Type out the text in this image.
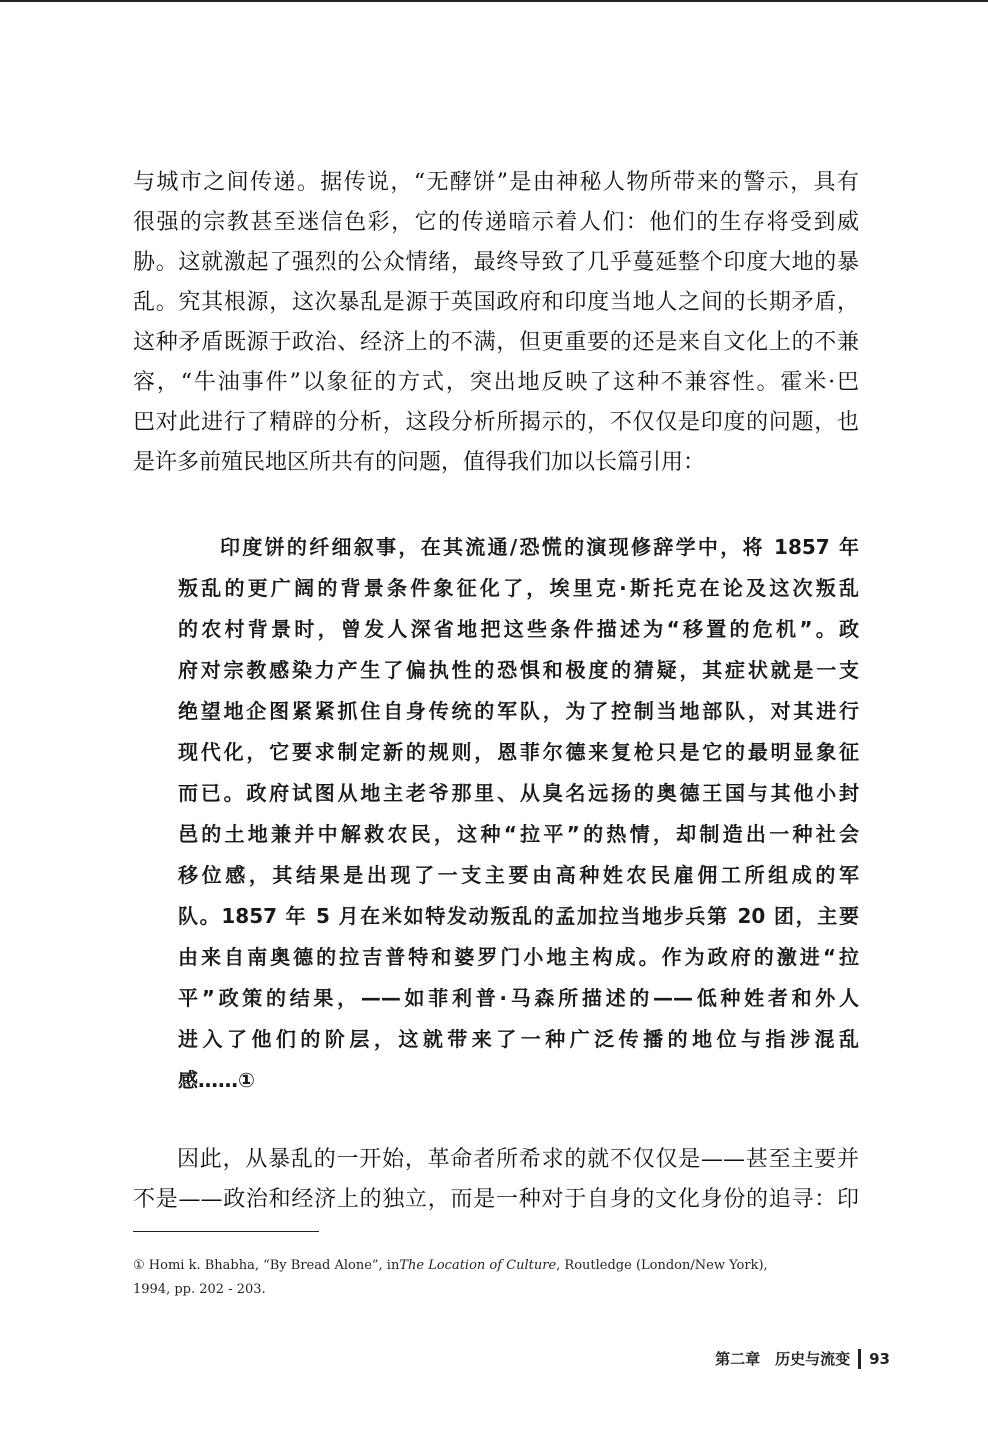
与城市之间传递。据传说，“无酵饼”是由神秘人物所带来的警示，具有
很强的宗教甚至迷信色彩，它的传递暗示着人们：他们的生存将受到威
胁。这就激起了强烈的公众情绪，最终导致了几乎蔓延整个印度大地的暴
乱。究其根源，这次暴乱是源于英国政府和印度当地人之间的长期矛盾，
这种矛盾既源于政治、经济上的不满，但更重要的还是来自文化上的不兼
容，“牛油事件”以象征的方式，突出地反映了这种不兼容性。霍米·巴
巴对此进行了精辟的分析，这段分析所揭示的，不仅仅是印度的问题，也
是许多前殖民地区所共有的问题，值得我们加以长篇引用：
印度饼的纤细叙事，在其流通/恐慌的演现修辞学中，将 1857 年
叛乱的更广阔的背景条件象征化了，埃里克·斯托克在论及这次叛乱
的农村背景时，曾发人深省地把这些条件描述为“移置的危机”。政
府对宗教感染力产生了偏执性的恐惧和极度的猜疑，其症状就是一支
绝望地企图紧紧抓住自身传统的军队，为了控制当地部队，对其进行
现代化，它要求制定新的规则，恩菲尔德来复枪只是它的最明显象征
而已。政府试图从地主老爷那里、从臭名远扬的奥德王国与其他小封
邑的土地兼并中解救农民，这种“拉平”的热情，却制造出一种社会
移位感，其结果是出现了一支主要由高种姓农民雇佣工所组成的军
队。1857 年 5 月在米如特发动叛乱的孟加拉当地步兵第 20 团，主要
由来自南奥德的拉吉普特和婆罗门小地主构成。作为政府的激进“拉
平”政策的结果，——如菲利普·马森所描述的——低种姓者和外人
进入了他们的阶层，这就带来了一种广泛传播的地位与指涉混乱
感……①
因此，从暴乱的一开始，革命者所希求的就不仅仅是——甚至主要并
不是——政治和经济上的独立，而是一种对于自身的文化身份的追寻：印
① Homi k. Bhabha, “By Bread Alone”, inThe Location of Culture, Routledge (London/New York),
1994, pp. 202 - 203.
第二章　历史与流变 93
